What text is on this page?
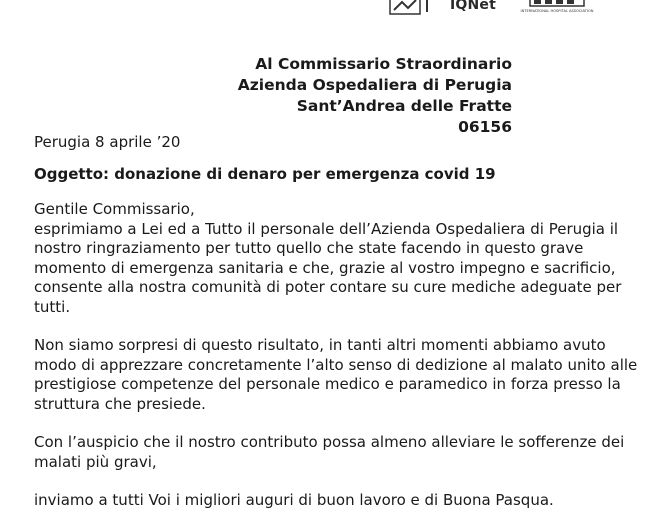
IQNet	INTERNATIONAL HOSPITAL ASSOCIATION
Al Commissario Straordinario
Azienda Ospedaliera di Perugia
Sant’Andrea delle Fratte
06156
Perugia 8 aprile ’20
Oggetto: donazione di denaro per emergenza covid 19
Gentile Commissario,

esprimiamo a Lei ed a Tutto il personale dell’Azienda Ospedaliera di Perugia il
nostro ringraziamento per tutto quello che state facendo in questo grave
momento di emergenza sanitaria e che, grazie al vostro impegno e sacrificio,
consente alla nostra comunità di poter contare su cure mediche adeguate per
tutti.

Non siamo sorpresi di questo risultato, in tanti altri momenti abbiamo avuto
modo di apprezzare concretamente l’alto senso di dedizione al malato unito alle
prestigiose competenze del personale medico e paramedico in forza presso la
struttura che presiede.

Con l’auspicio che il nostro contributo possa almeno alleviare le sofferenze dei
malati più gravi,

inviamo a tutti Voi i migliori auguri di buon lavoro e di Buona Pasqua.
